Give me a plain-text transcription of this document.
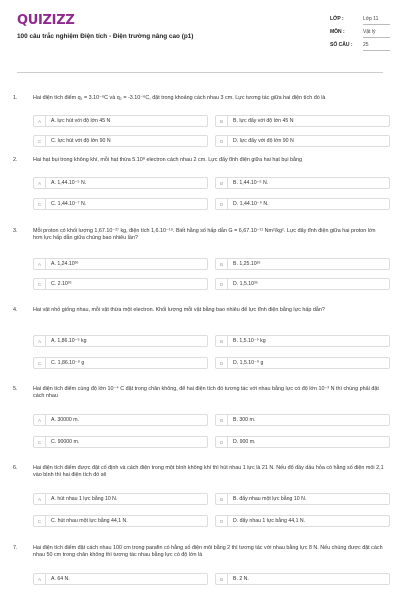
QUIZIZZ
100 câu trắc nghiệm Điện tích - Điện trường nâng cao (p1)
LỚP :	Lớp 11
MÔN :	Vật lý
SỐ CÂU :	25
1.	Hai điện tích điểm q₁ = 3.10⁻⁶C và q₂ = -3.10⁻⁶C, đặt trong khoảng cách nhau 3 cm. Lực tương tác giữa hai điện tích đó là
A	A. lực hút với độ lớn 45 N	B	B. lực đẩy với độ lớn 45 N
C	C. lực hút với độ lớn 90 N	D	D. lực đẩy với độ lớn 90 N
2.	Hai hạt bụi trong không khí, mỗi hạt thừa 5.10⁸ electron cách nhau 2 cm. Lực đẩy tĩnh điện giữa hai hạt bụi bằng
A	A. 1,44.10⁻⁵ N.	B	B. 1,44.10⁻⁶ N.
C	C. 1,44.10⁻⁷ N.	D	D. 1,44.10⁻⁹ N.
3.	Mỗi proton có khối lượng 1,67.10⁻²⁷ kg, điện tích 1,6.10⁻¹⁹. Biết hằng số hấp dẫn G = 6,67.10⁻¹¹ Nm²/kg². Lực đẩy tĩnh điện giữa hai proton lớn hơn lực hấp dẫn giữa chúng bao nhiêu lần?
A	A. 1,24.10³⁶	B	B. 1,25.10²⁶
C	C. 2.10³⁵	D	D. 1,5.10³⁵
4.	Hai vật nhỏ giống nhau, mỗi vật thừa một electron. Khối lượng mỗi vật bằng bao nhiêu để lực tĩnh điện bằng lực hấp dẫn?
A	A. 1,86.10⁻⁹ kg	B	B. 1,5.10⁻⁹ kg
C	C. 1,86.10⁻⁹ g	D	D. 1,5.10⁻⁹ g
5.	Hai điện tích điểm cùng độ lớn 10⁻⁴ C đặt trong chân không, để hai điện tích đó tương tác với nhau bằng lực có độ lớn 10⁻³ N thì chúng phải đặt cách nhau
A	A. 30000 m.	B	B. 300 m.
C	C. 90000 m.	D	D. 900 m.
6.	Hai điện tích điểm được đặt cố định và cách điện trong một bình không khí thì hút nhau 1 lực là 21 N. Nếu đổ đầy dầu hỏa có hằng số điện môi 2,1 vào bình thì hai điện tích đó sẽ
A	A. hút nhau 1 lực bằng 10 N.	B	B. đẩy nhau một lực bằng 10 N.
C	C. hút nhau một lực bằng 44,1 N.	D	D. đẩy nhau 1 lực bằng 44,1 N.
7.	Hai điện tích điểm đặt cách nhau 100 cm trong parafin có hằng số điện môi bằng 2 thì tương tác với nhau bằng lực 8 N. Nếu chúng được đặt cách nhau 50 cm trong chân không thì tương tác nhau bằng lực có độ lớn là
A	A. 64 N.	B	B. 2 N.
